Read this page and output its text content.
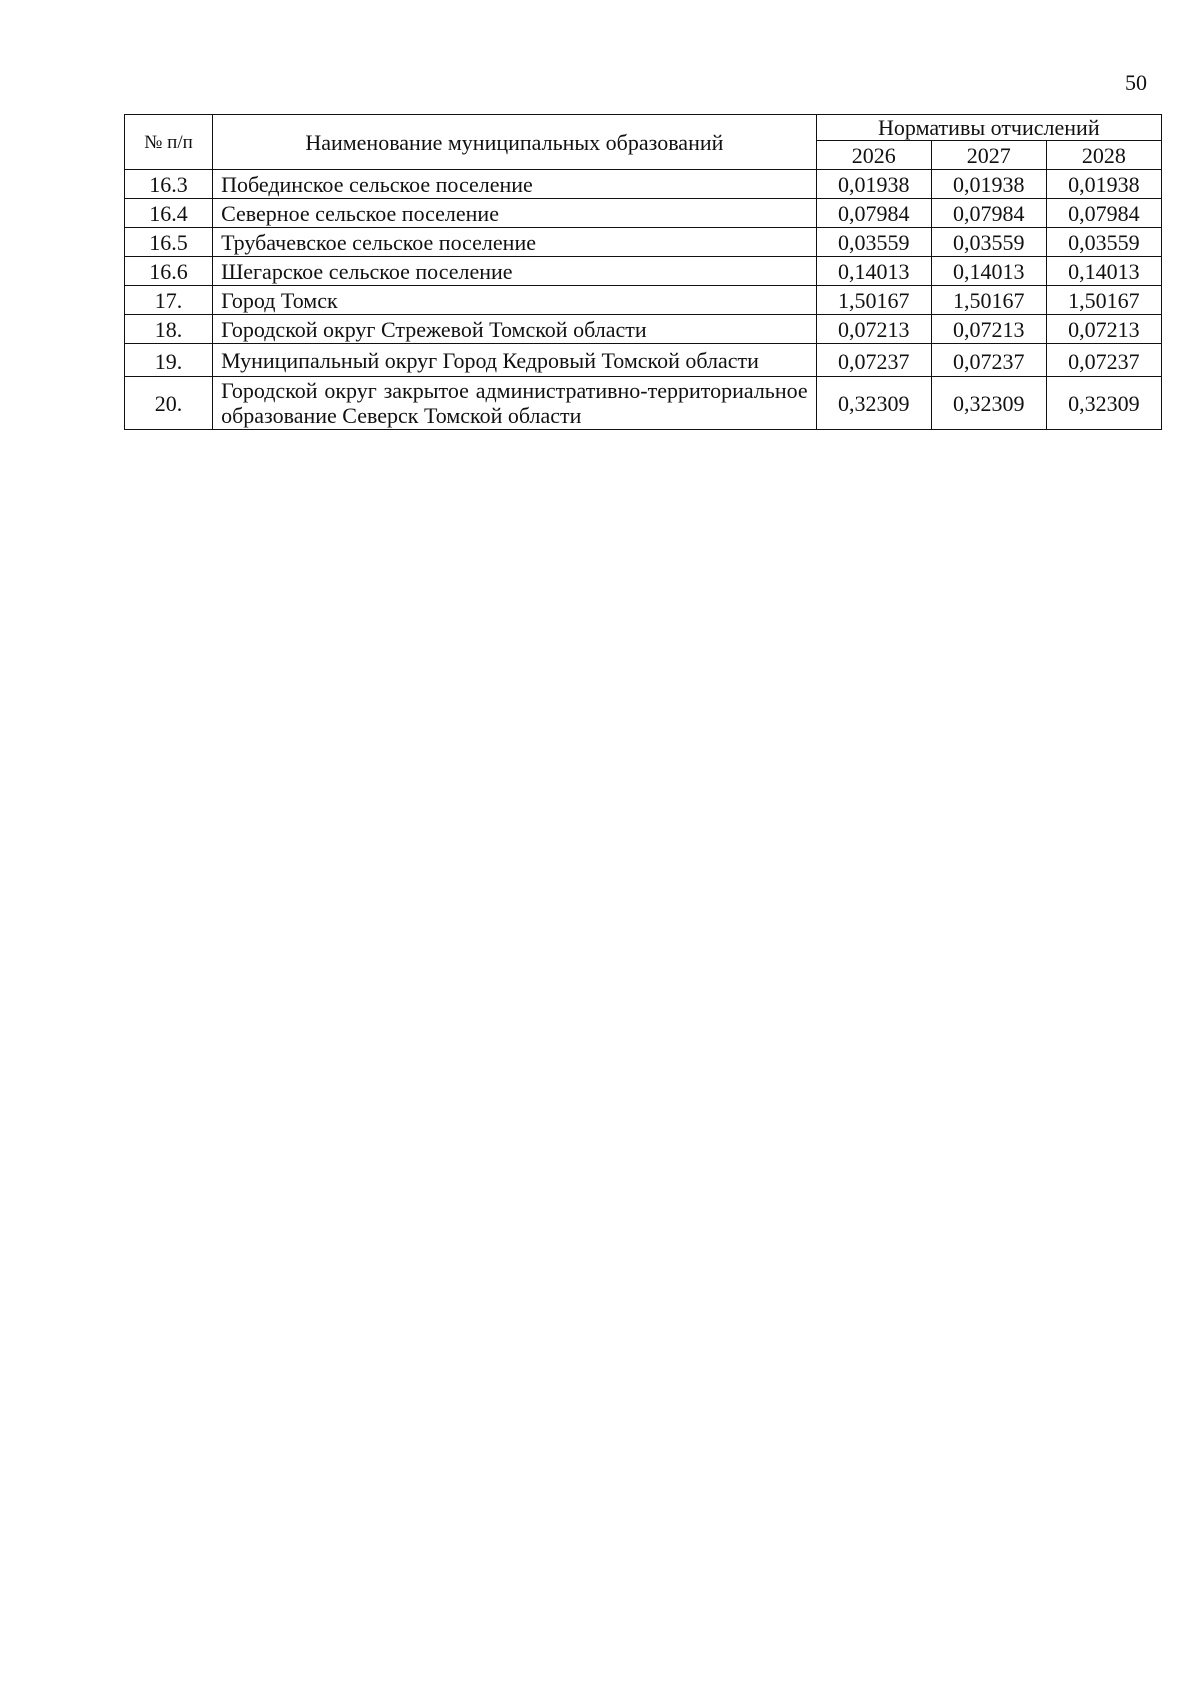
50
№ п/п	Наименование муниципальных образований	Нормативы отчислений		
		2026	2027	2028
16.3	Побединское сельское поселение	0,01938	0,01938	0,01938
16.4	Северное сельское поселение	0,07984	0,07984	0,07984
16.5	Трубачевское сельское поселение	0,03559	0,03559	0,03559
16.6	Шегарское сельское поселение	0,14013	0,14013	0,14013
17.	Город Томск	1,50167	1,50167	1,50167
18.	Городской округ Стрежевой Томской области	0,07213	0,07213	0,07213
19.	Муниципальный округ Город Кедровый Томской области	0,07237	0,07237	0,07237
20.	Городской округ закрытое административно-территориальное образование Северск Томской области	0,32309	0,32309	0,32309
